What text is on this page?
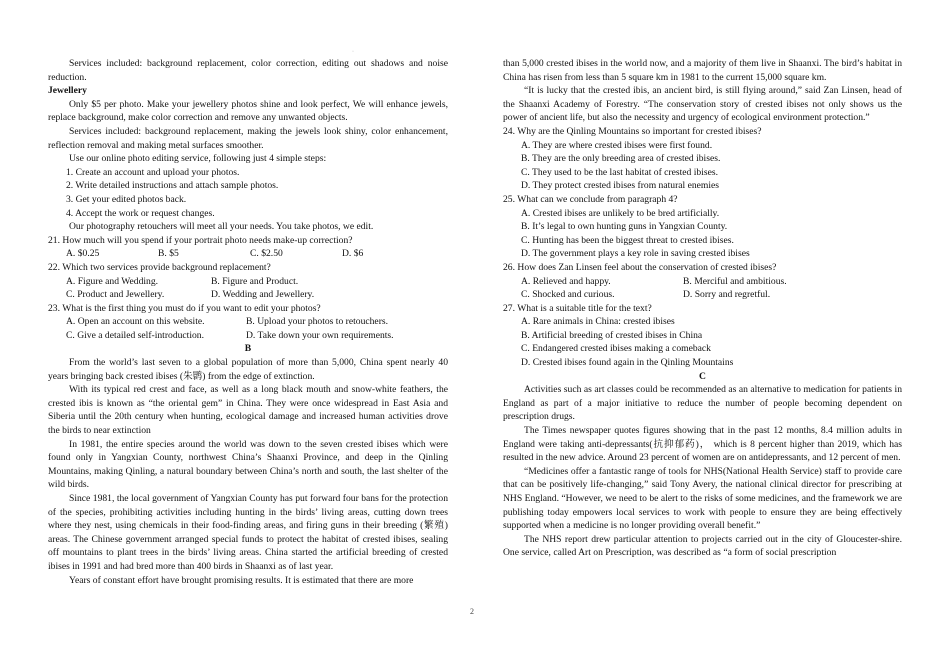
·

Services included: background replacement, color correction, editing out shadows and noise reduction.

Jewellery

Only $5 per photo. Make your jewellery photos shine and look perfect, We will enhance jewels, replace background, make color correction and remove any unwanted objects.

Services included: background replacement, making the jewels look shiny, color enhancement, reflection removal and making metal surfaces smoother.

Use our online photo editing service, following just 4 simple steps:

1. Create an account and upload your photos.

2. Write detailed instructions and attach sample photos.

3. Get your edited photos back.

4. Accept the work or request changes.

Our photography retouchers will meet all your needs. You take photos, we edit.

21. How much will you spend if your portrait photo needs make-up correction?

A. $0.25	B. $5	C. $2.50	D. $6

22. Which two services provide background replacement?

A. Figure and Wedding.	B. Figure and Product.
C. Product and Jewellery.	D. Wedding and Jewellery.

23. What is the first thing you must do if you want to edit your photos?

A. Open an account on this website.	B. Upload your photos to retouchers.
C. Give a detailed self-introduction.	D. Take down your own requirements.

B

From the world’s last seven to a global population of more than 5,000, China spent nearly 40 years bringing back crested ibises (朱鹮) from the edge of extinction.

With its typical red crest and face, as well as a long black mouth and snow-white feathers, the crested ibis is known as “the oriental gem” in China. They were once widespread in East Asia and Siberia until the 20th century when hunting, ecological damage and increased human activities drove the birds to near extinction

In 1981, the entire species around the world was down to the seven crested ibises which were found only in Yangxian County, northwest China’s Shaanxi Province, and deep in the Qinling Mountains, making Qinling, a natural boundary between China’s north and south, the last shelter of the wild birds.

Since 1981, the local government of Yangxian County has put forward four bans for the protection of the species, prohibiting activities including hunting in the birds’ living areas, cutting down trees where they nest, using chemicals in their food-finding areas, and firing guns in their breeding (繁殖) areas. The Chinese government arranged special funds to protect the habitat of crested ibises, sealing off mountains to plant trees in the birds’ living areas. China started the artificial breeding of crested ibises in 1991 and had bred more than 400 birds in Shaanxi as of last year.

Years of constant effort have brought promising results. It is estimated that there are more

than 5,000 crested ibises in the world now, and a majority of them live in Shaanxi. The bird’s habitat in China has risen from less than 5 square km in 1981 to the current 15,000 square km.

“It is lucky that the crested ibis, an ancient bird, is still flying around,” said Zan Linsen, head of the Shaanxi Academy of Forestry. “The conservation story of crested ibises not only shows us the power of ancient life, but also the necessity and urgency of ecological environment protection.”

24. Why are the Qinling Mountains so important for crested ibises?

A. They are where crested ibises were first found.

B. They are the only breeding area of crested ibises.

C. They used to be the last habitat of crested ibises.

D. They protect crested ibises from natural enemies

25. What can we conclude from paragraph 4?

A. Crested ibises are unlikely to be bred artificially.

B. It’s legal to own hunting guns in Yangxian County.

C. Hunting has been the biggest threat to crested ibises.

D. The government plays a key role in saving crested ibises

26. How does Zan Linsen feel about the conservation of crested ibises?

A. Relieved and happy.	B. Merciful and ambitious.
C. Shocked and curious.	D. Sorry and regretful.

27. What is a suitable title for the text?

A. Rare animals in China: crested ibises

B. Artificial breeding of crested ibises in China

C. Endangered crested ibises making a comeback

D. Crested ibises found again in the Qinling Mountains

C

Activities such as art classes could be recommended as an alternative to medication for patients in England as part of a major initiative to reduce the number of people becoming dependent on prescription drugs.

The Times newspaper quotes figures showing that in the past 12 months, 8.4 million adults in England were taking anti-depressants(抗抑郁药)， which is 8 percent higher than 2019, which has resulted in the new advice. Around 23 percent of women are on antidepressants, and 12 percent of men.

“Medicines offer a fantastic range of tools for NHS(National Health Service) staff to provide care that can be positively life-changing,” said Tony Avery, the national clinical director for prescribing at NHS England. “However, we need to be alert to the risks of some medicines, and the framework we are publishing today empowers local services to work with people to ensure they are being effectively supported when a medicine is no longer providing overall benefit.”

The NHS report drew particular attention to projects carried out in the city of Gloucester-shire. One service, called Art on Prescription, was described as “a form of social prescription

2
